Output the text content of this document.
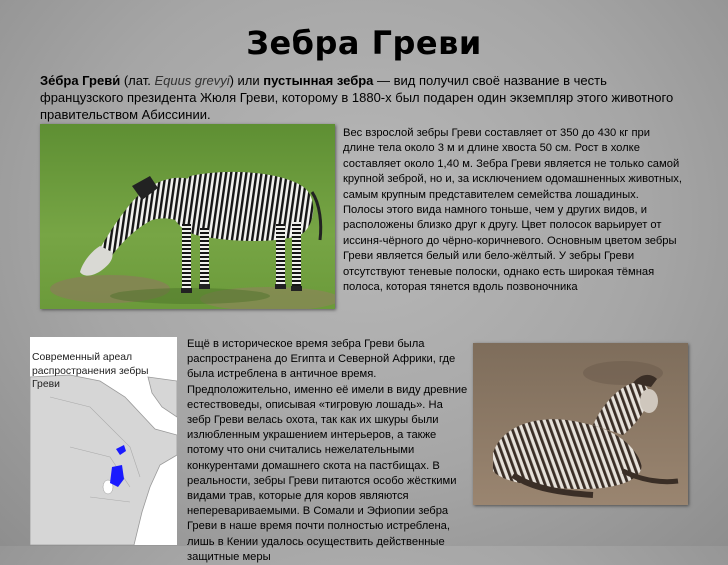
Зебра Греви
Зе́бра Греви́ (лат. Equus grevyi) или пустынная зебра — вид получил своё название в честь французского президента Жюля Греви, которому в 1880-х был подарен один экземпляр этого животного правительством Абиссинии.
Вес взрослой зебры Греви составляет от 350 до 430 кг при длине тела около 3 м и длине хвоста 50 см. Рост в холке составляет около 1,40 м. Зебра Греви является не только самой крупной зеброй, но и, за исключением одомашненных животных, самым крупным представителем семейства лошадиных.
Полосы этого вида намного тоньше, чем у других видов, и расположены близко друг к другу. Цвет полосок варьирует от иссиня-чёрного до чёрно-коричневого. Основным цветом зебры Греви является белый или бело-жёлтый. У зебры Греви отсутствуют теневые полоски, однако есть широкая тёмная полоса, которая тянется вдоль позвоночника
Современный ареал распространения зебры Греви
Ещё в историческое время зебра Греви была распространена до Египта и Северной Африки, где была истреблена в античное время. Предположительно, именно её имели в виду древние естествоведы, описывая «тигровую лошадь». На зебр Греви велась охота, так как их шкуры были излюбленным украшением интерьеров, а также потому что они считались нежелательными конкурентами домашнего скота на пастбищах. В реальности, зебры Греви питаются особо жёсткими видами трав, которые для коров являются неперевариваемыми. В Сомали и Эфиопии зебра Греви в наше время почти полностью истреблена, лишь в Кении удалось осуществить действенные защитные меры
